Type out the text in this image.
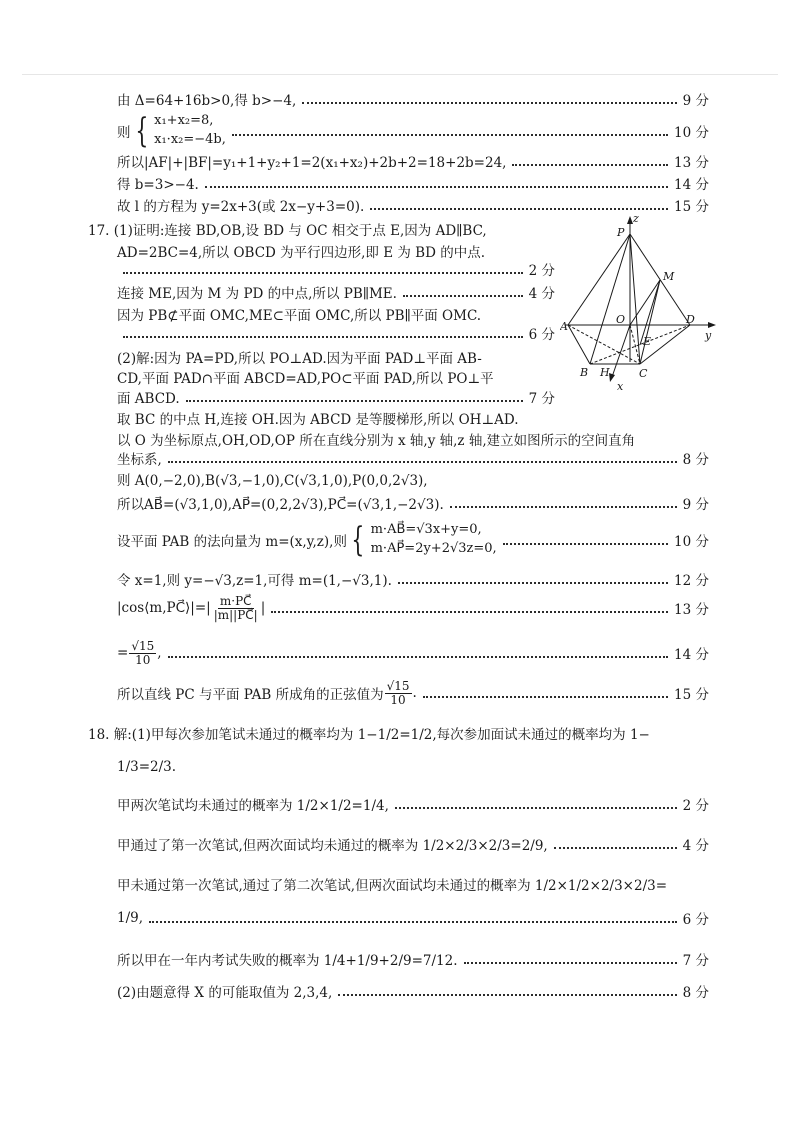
由 Δ=64+16b>0,得 b>−4,	9 分
则 { x₁+x₂=8,
x₁·x₂=−4b,	10 分
所以|AF|+|BF|=y₁+1+y₂+1=2(x₁+x₂)+2b+2=18+2b=24,	13 分
得 b=3>−4.	14 分
故 l 的方程为 y=2x+3(或 2x−y+3=0).	15 分
17. (1)证明:连接 BD,OB,设 BD 与 OC 相交于点 E,因为 AD∥BC,
AD=2BC=4,所以 OBCD 为平行四边形,即 E 为 BD 的中点.
2 分
连接 ME,因为 M 为 PD 的中点,所以 PB∥ME.	4 分
因为 PB⊄平面 OMC,ME⊂平面 OMC,所以 PB∥平面 OMC.
6 分
(2)解:因为 PA=PD,所以 PO⊥AD.因为平面 PAD⊥平面 AB-
CD,平面 PAD∩平面 ABCD=AD,PO⊂平面 PAD,所以 PO⊥平
面 ABCD.	7 分
取 BC 的中点 H,连接 OH.因为 ABCD 是等腰梯形,所以 OH⊥AD.
以 O 为坐标原点,OH,OD,OP 所在直线分别为 x 轴,y 轴,z 轴,建立如图所示的空间直角
坐标系,	8 分
则 A(0,−2,0),B(√3,−1,0),C(√3,1,0),P(0,0,2√3),
所以AB⃗=(√3,1,0),AP⃗=(0,2,2√3),PC⃗=(√3,1,−2√3).	9 分
设平面 PAB 的法向量为 m=(x,y,z),则 { m·AB⃗=√3x+y=0,
m·AP⃗=2y+2√3z=0,	10 分
令 x=1,则 y=−√3,z=1,可得 m=(1,−√3,1).	12 分
|cos⟨m,PC⃗⟩|=| $\frac{m\cdot PC⃗}{|m||PC⃗|}$ |	13 分
= $\frac{√15}{10}$ ,	14 分
所以直线 PC 与平面 PAB 所成角的正弦值为 $\frac{√15}{10}$ .	15 分
18. 解:(1)甲每次参加笔试未通过的概率均为 1−1/2=1/2,每次参加面试未通过的概率均为 1−
1/3=2/3.
甲两次笔试均未通过的概率为 1/2×1/2=1/4,	2 分
甲通过了第一次笔试,但两次面试均未通过的概率为 1/2×2/3×2/3=2/9,	4 分
甲未通过第一次笔试,通过了第二次笔试,但两次面试均未通过的概率为 1/2×1/2×2/3×2/3=
1/9,	6 分
所以甲在一年内考试失败的概率为 1/4+1/9+2/9=7/12.	7 分
(2)由题意得 X 的可能取值为 2,3,4,	8 分
z
P
M
A
O	D
y
E
B H	C
x
